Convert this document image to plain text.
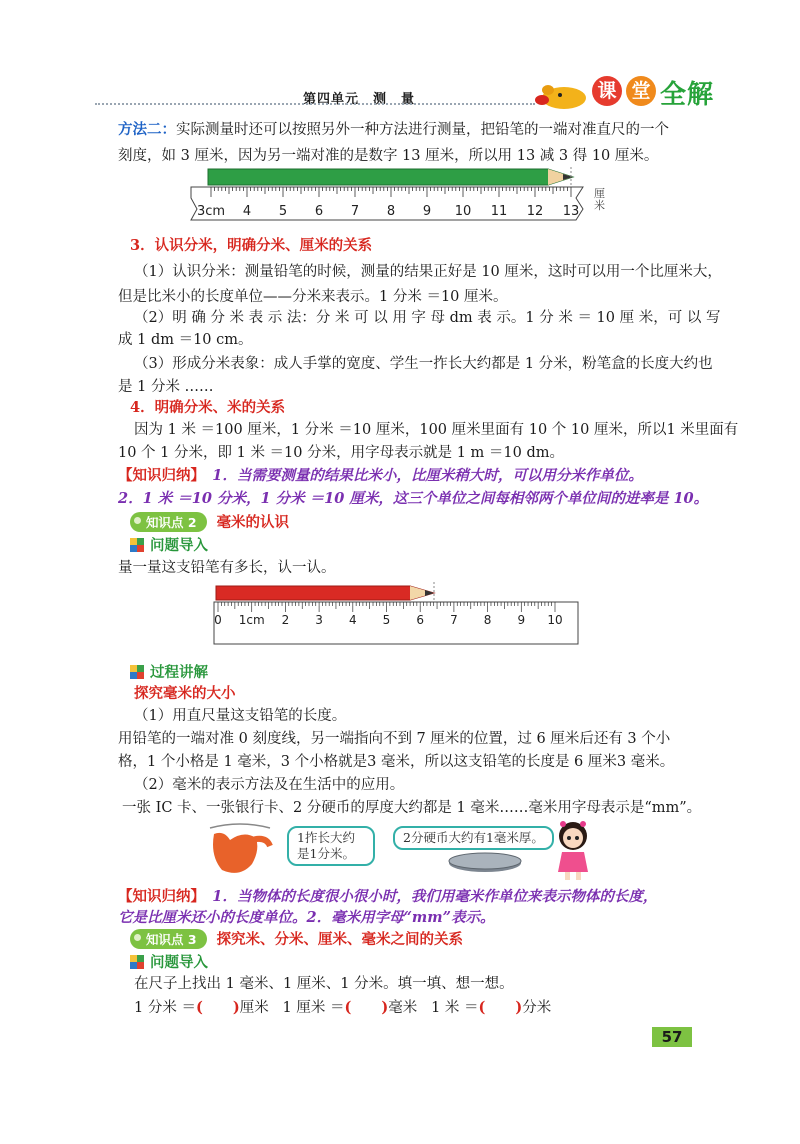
第四单元　测　量	课 堂 全解
方法二：实际测量时还可以按照另外一种方法进行测量，把铅笔的一端对准直尺的一个
刻度，如 3 厘米，因为另一端对准的是数字 13 厘米，所以用 13 减 3 得 10 厘米。
3cm 4 5 6 7 8 9 10 11 12 13
厘米
3．认识分米，明确分米、厘米的关系
（1）认识分米：测量铅笔的时候，测量的结果正好是 10 厘米，这时可以用一个比厘米大，
但是比米小的长度单位——分米来表示。1 分米 ＝10 厘米。
（2）明 确 分 米 表 示 法：分 米 可 以 用 字 母 dm 表 示。1 分 米 ＝ 10 厘 米，可 以 写
成 1 dm ＝10 cm。
（3）形成分米表象：成人手掌的宽度、学生一拃长大约都是 1 分米，粉笔盒的长度大约也
是 1 分米 ……
4．明确分米、米的关系
因为 1 米 ＝100 厘米，1 分米 ＝10 厘米，100 厘米里面有 10 个 10 厘米，所以1 米里面有
10 个 1 分米，即 1 米 ＝10 分米，用字母表示就是 1 m ＝10 dm。
【知识归纳】　1．当需要测量的结果比米小，比厘米稍大时，可以用分米作单位。
2．1 米 ＝10 分米，1 分米 ＝10 厘米，这三个单位之间每相邻两个单位间的进率是 10。
知识点 2 毫米的认识
问题导入
量一量这支铅笔有多长，认一认。
0 1cm 2 3 4 5 6 7 8 9 10
过程讲解
探究毫米的大小
（1）用直尺量这支铅笔的长度。
用铅笔的一端对准 0 刻度线，另一端指向不到 7 厘米的位置，过 6 厘米后还有 3 个小
格，1 个小格是 1 毫米，3 个小格就是3 毫米，所以这支铅笔的长度是 6 厘米3 毫米。
（2）毫米的表示方法及在生活中的应用。
一张 IC 卡、一张银行卡、2 分硬币的厚度大约都是 1 毫米……毫米用字母表示是“mm”。
1拃长大约
是1分米。
2分硬币大约有1毫米厚。
【知识归纳】　1．当物体的长度很小很小时，我们用毫米作单位来表示物体的长度，
它是比厘米还小的长度单位。2．毫米用字母“mm”表示。
知识点 3 探究米、分米、厘米、毫米之间的关系
问题导入
在尺子上找出 1 毫米、1 厘米、1 分米。填一填、想一想。
1 分米 ＝( )厘米 1 厘米 ＝( )毫米 1 米 ＝( )分米
57
